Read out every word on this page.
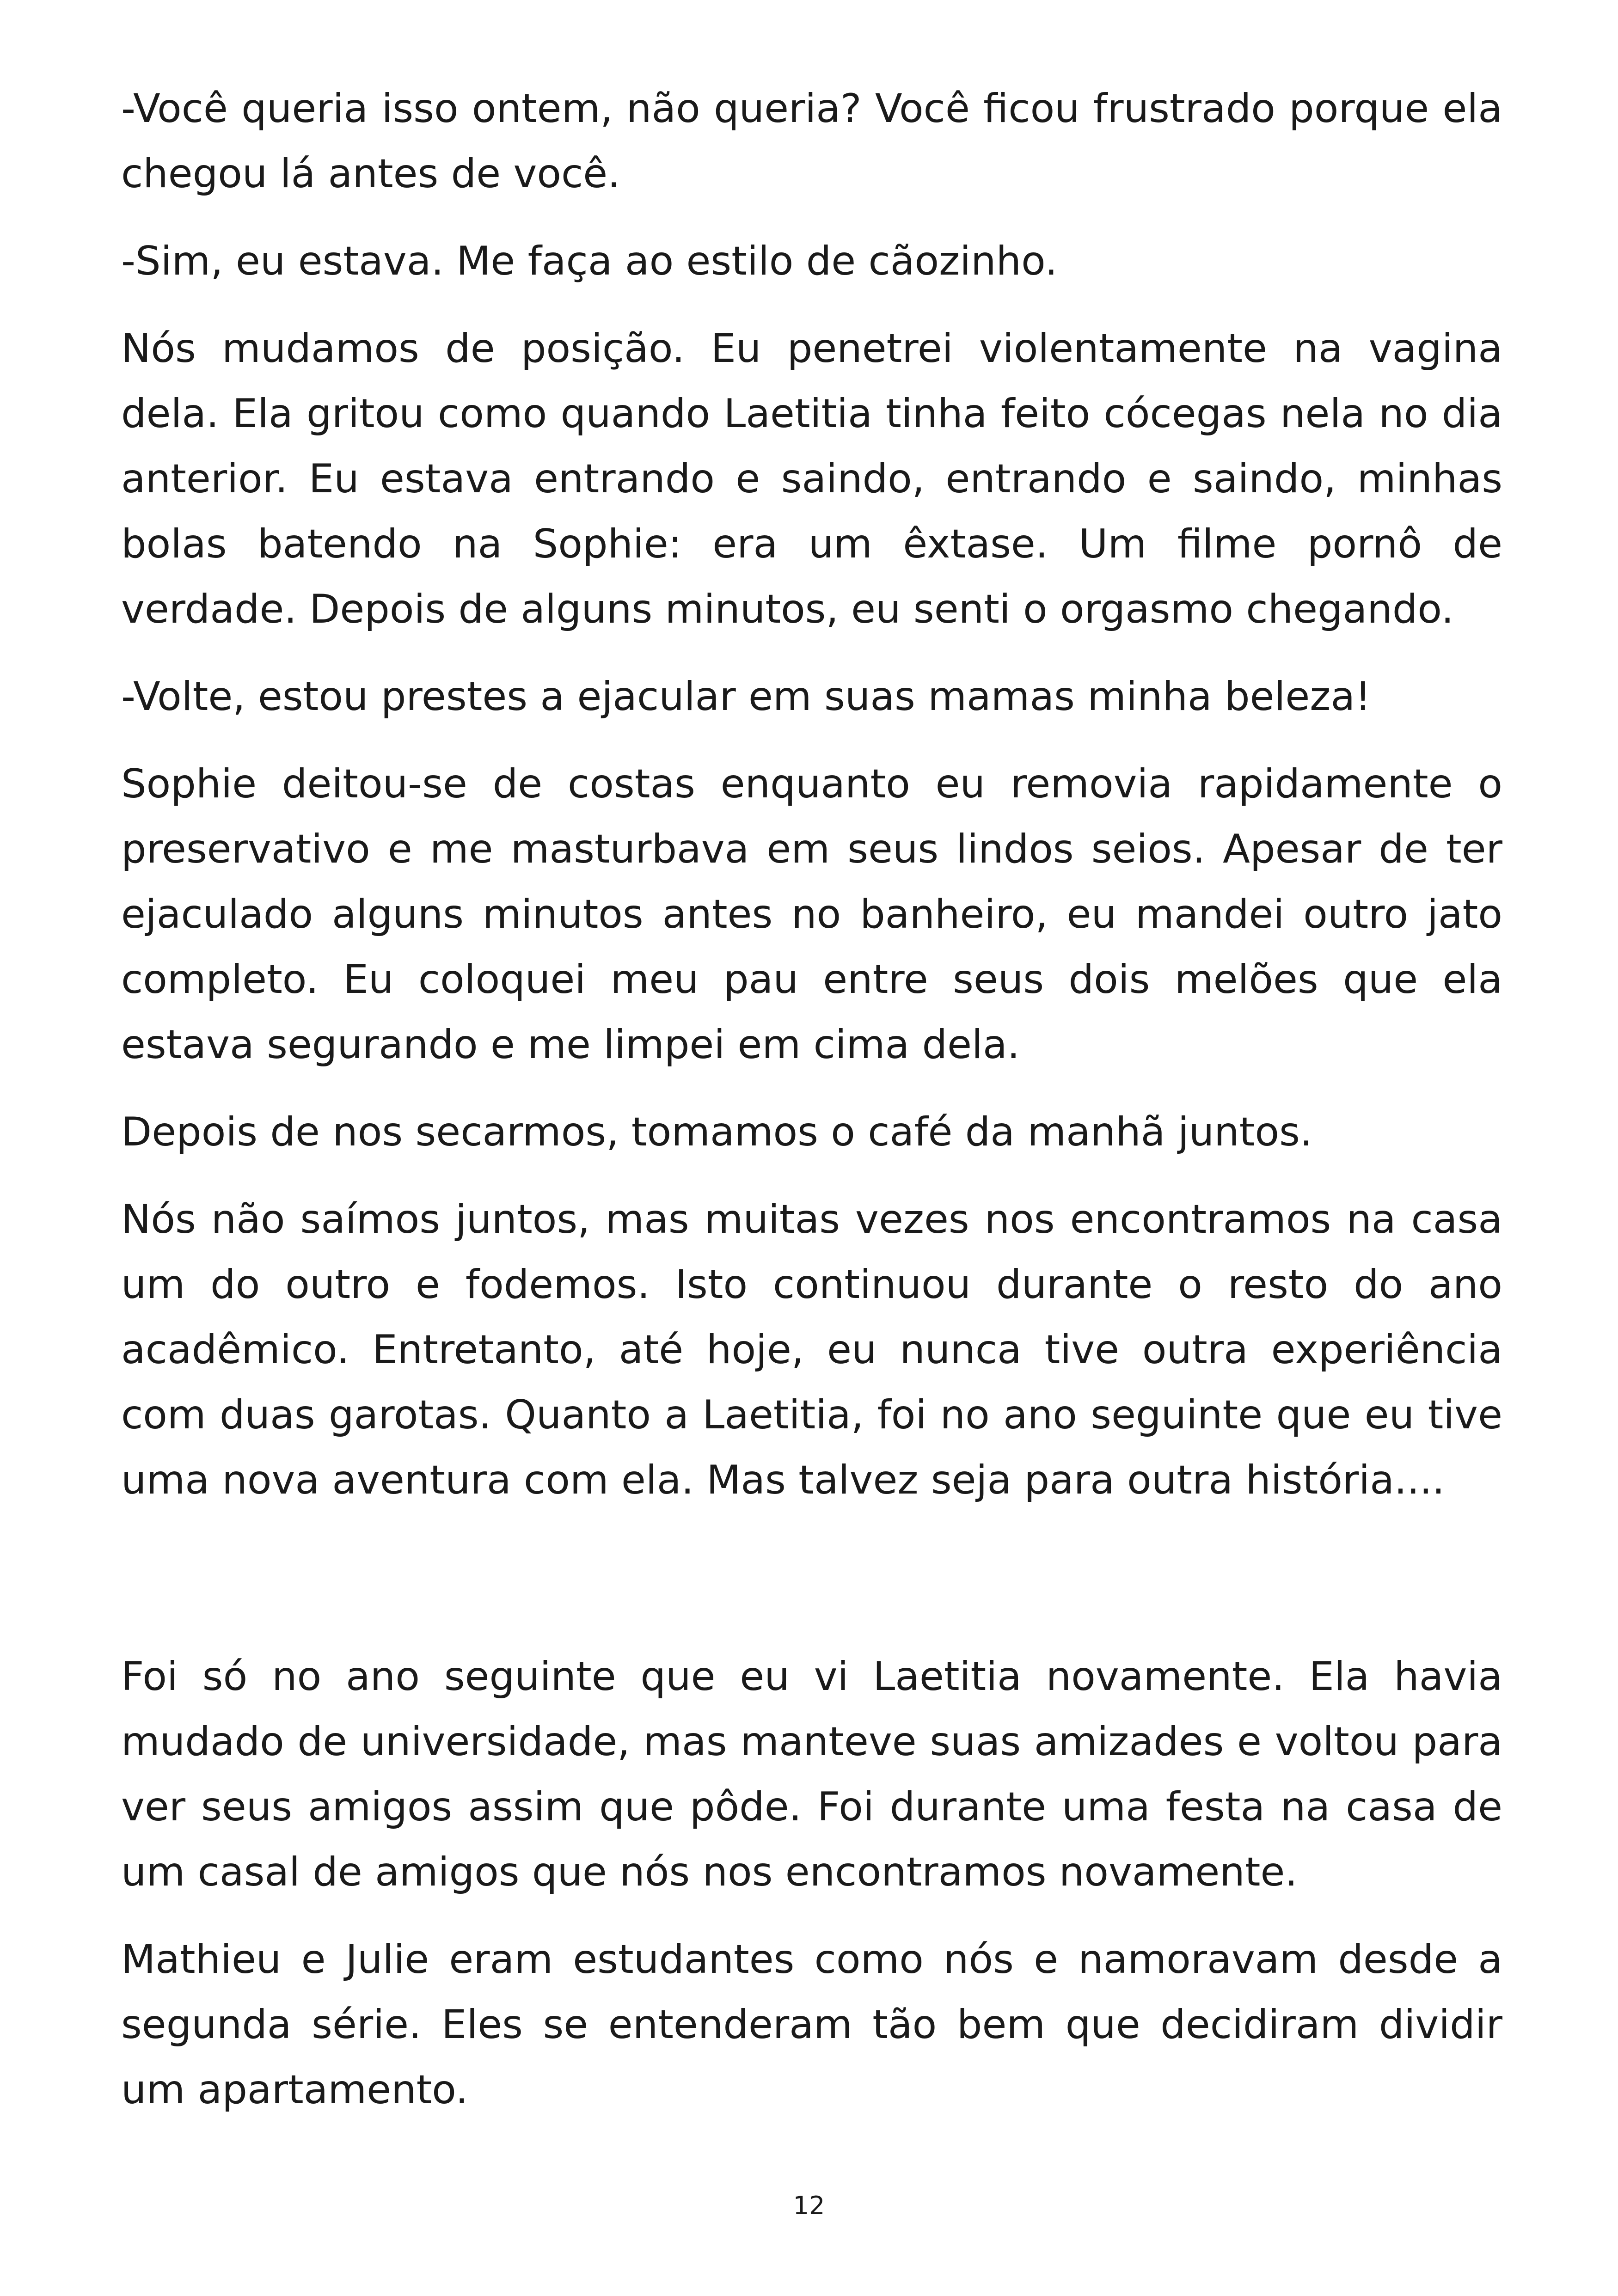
-Você queria isso ontem, não queria? Você ficou frustrado porque ela chegou lá antes de você.

-Sim, eu estava. Me faça ao estilo de cãozinho.

Nós mudamos de posição. Eu penetrei violentamente na vagina dela. Ela gritou como quando Laetitia tinha feito cócegas nela no dia anterior. Eu estava entrando e saindo, entrando e saindo, minhas bolas batendo na Sophie: era um êxtase. Um filme pornô de verdade. Depois de alguns minutos, eu senti o orgasmo chegando.

-Volte, estou prestes a ejacular em suas mamas minha beleza!

Sophie deitou-se de costas enquanto eu removia rapidamente o preservativo e me masturbava em seus lindos seios. Apesar de ter ejaculado alguns minutos antes no banheiro, eu mandei outro jato completo. Eu coloquei meu pau entre seus dois melões que ela estava segurando e me limpei em cima dela.

Depois de nos secarmos, tomamos o café da manhã juntos.

Nós não saímos juntos, mas muitas vezes nos encontramos na casa um do outro e fodemos. Isto continuou durante o resto do ano acadêmico. Entretanto, até hoje, eu nunca tive outra experiência com duas garotas. Quanto a Laetitia, foi no ano seguinte que eu tive uma nova aventura com ela. Mas talvez seja para outra história....

Foi só no ano seguinte que eu vi Laetitia novamente. Ela havia mudado de universidade, mas manteve suas amizades e voltou para ver seus amigos assim que pôde. Foi durante uma festa na casa de um casal de amigos que nós nos encontramos novamente.

Mathieu e Julie eram estudantes como nós e namoravam desde a segunda série. Eles se entenderam tão bem que decidiram dividir um apartamento.

12
